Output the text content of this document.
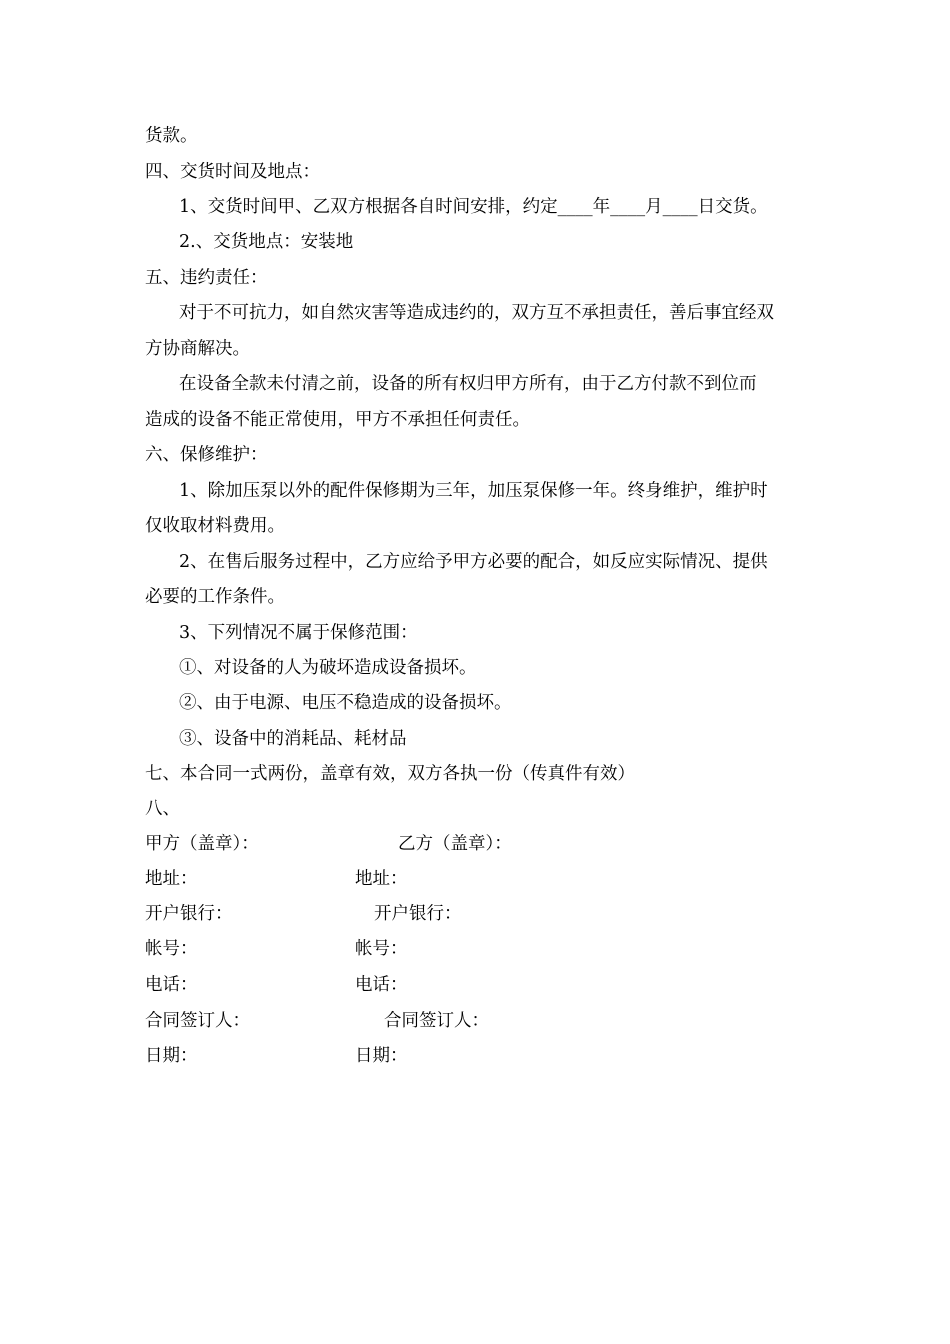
货款。
四、交货时间及地点：
1、交货时间甲、乙双方根据各自时间安排，约定____年____月____日交货。
2.、交货地点：安装地
五、违约责任：
对于不可抗力，如自然灾害等造成违约的，双方互不承担责任，善后事宜经双
方协商解决。
在设备全款未付清之前，设备的所有权归甲方所有，由于乙方付款不到位而
造成的设备不能正常使用，甲方不承担任何责任。
六、保修维护：
1、除加压泵以外的配件保修期为三年，加压泵保修一年。终身维护，维护时
仅收取材料费用。
2、在售后服务过程中，乙方应给予甲方必要的配合，如反应实际情况、提供
必要的工作条件。
3、下列情况不属于保修范围：
①、对设备的人为破坏造成设备损坏。
②、由于电源、电压不稳造成的设备损坏。
③、设备中的消耗品、耗材品
七、本合同一式两份，盖章有效，双方各执一份（传真件有效）
八、
甲方（盖章）：
地址：
开户银行：
帐号：
电话：
合同签订人：
日期：
乙方（盖章）：
地址：
开户银行：
帐号：
电话：
合同签订人：
日期：
